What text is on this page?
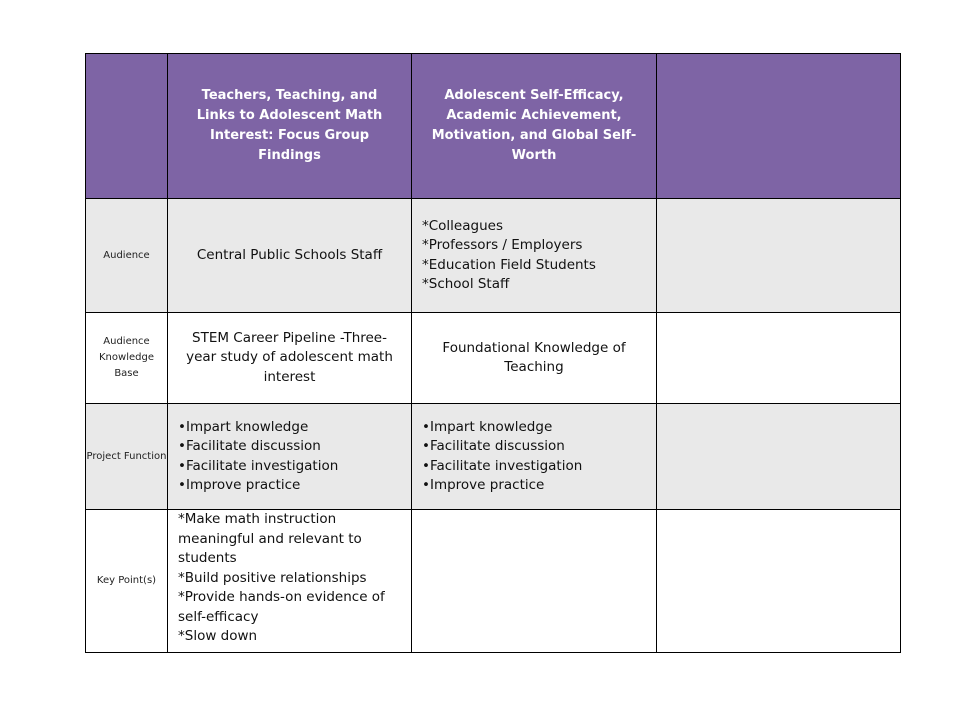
	Teachers, Teaching, and Links to Adolescent Math Interest: Focus Group Findings	Adolescent Self-Efficacy, Academic Achievement, Motivation, and Global Self-Worth	
Audience	Central Public Schools Staff	*Colleagues
*Professors / Employers
*Education Field Students
*School Staff	

Audience Knowledge Base	STEM Career Pipeline -Three-year study of adolescent math interest	Foundational Knowledge of Teaching	
Project Function	•Impart knowledge
•Facilitate discussion
•Facilitate investigation
•Improve practice	•Impart knowledge
•Facilitate discussion
•Facilitate investigation
•Improve practice	

Key Point(s)	*Make math instruction meaningful and relevant to students
*Build positive relationships
*Provide hands-on evidence of self-efficacy
*Slow down		
